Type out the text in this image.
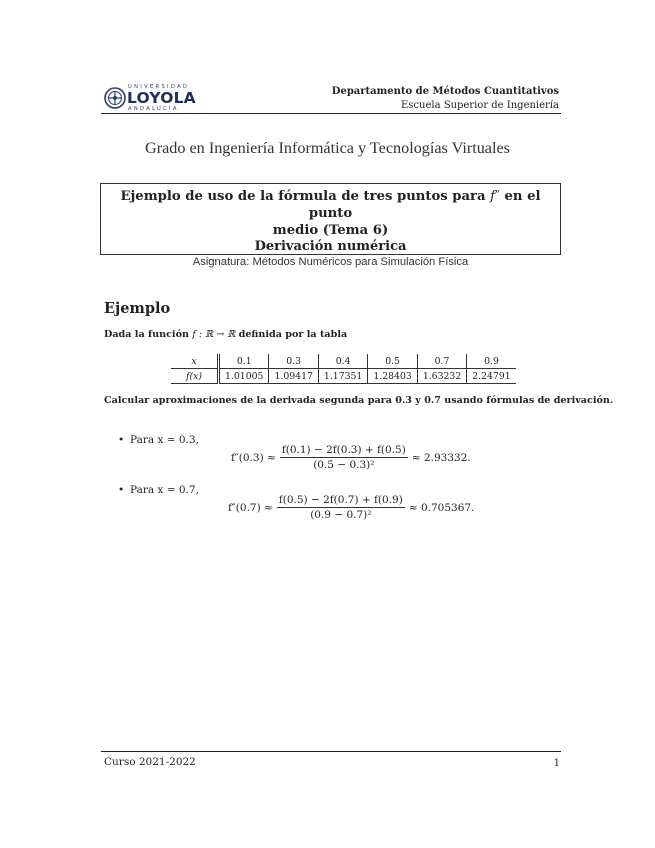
UNIVERSIDAD
LOYOLA
ANDALUCÍA
Departamento de Métodos Cuantitativos
Escuela Superior de Ingeniería
Grado en Ingeniería Informática y Tecnologías Virtuales
Ejemplo de uso de la fórmula de tres puntos para f″ en el punto
medio (Tema 6)
Derivación numérica
Asignatura: Métodos Numéricos para Simulación Física
Ejemplo
Dada la función f : ℝ → ℝ definida por la tabla
x	0.1	0.3	0.4	0.5	0.7	0.9
f(x)	1.01005	1.09417	1.17351	1.28403	1.63232	2.24791
Calcular aproximaciones de la derivada segunda para 0.3 y 0.7 usando fórmulas de derivación.
• Para x = 0.3,
$f''(0.3) \approx \frac{f(0.1) - 2f(0.3) + f(0.5)}{\text{(0.5 − 0.3)²}} \approx 2.93332$.
• Para x = 0.7,
$f''(0.7) \approx \frac{f(0.5) - 2f(0.7) + f(0.9)}{\text{(0.9 − 0.7)²}} \approx 0.705367$.
Curso 2021-2022	1
